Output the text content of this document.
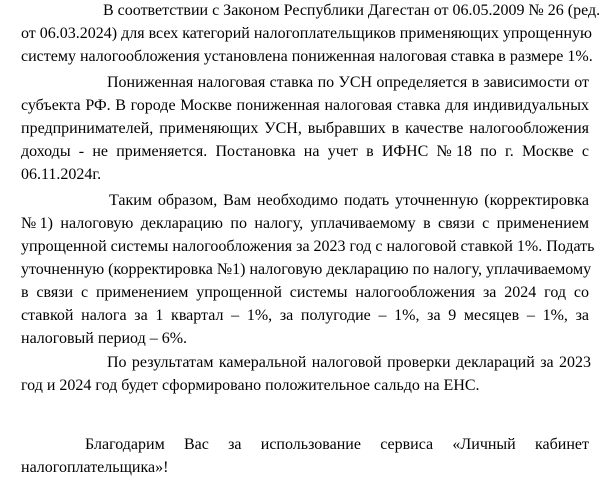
В соответствии с Законом Республики Дагестан от 06.05.2009 № 26 (ред.
от 06.03.2024) для всех категорий налогоплательщиков применяющих упрощенную
систему налогообложения установлена пониженная налоговая ставка в размере 1%.
Пониженная налоговая ставка по УСН определяется в зависимости от
субъекта РФ. В городе Москве пониженная налоговая ставка для индивидуальных
предпринимателей, применяющих УСН, выбравших в качестве налогообложения
доходы - не применяется. Постановка на учет в ИФНС №18 по г. Москве с
06.11.2024г.
Таким образом, Вам необходимо подать уточненную (корректировка
№1) налоговую декларацию по налогу, уплачиваемому в связи с применением
упрощенной системы налогообложения за 2023 год с налоговой ставкой 1%. Подать
уточненную (корректировка №1) налоговую декларацию по налогу, уплачиваемому
в связи с применением упрощенной системы налогообложения за 2024 год со
ставкой налога за 1 квартал – 1%, за полугодие – 1%, за 9 месяцев – 1%, за
налоговый период – 6%.
По результатам камеральной налоговой проверки деклараций за 2023
год и 2024 год будет сформировано положительное сальдо на ЕНС.
Благодарим Вас за использование сервиса «Личный кабинет
налогоплательщика»!
